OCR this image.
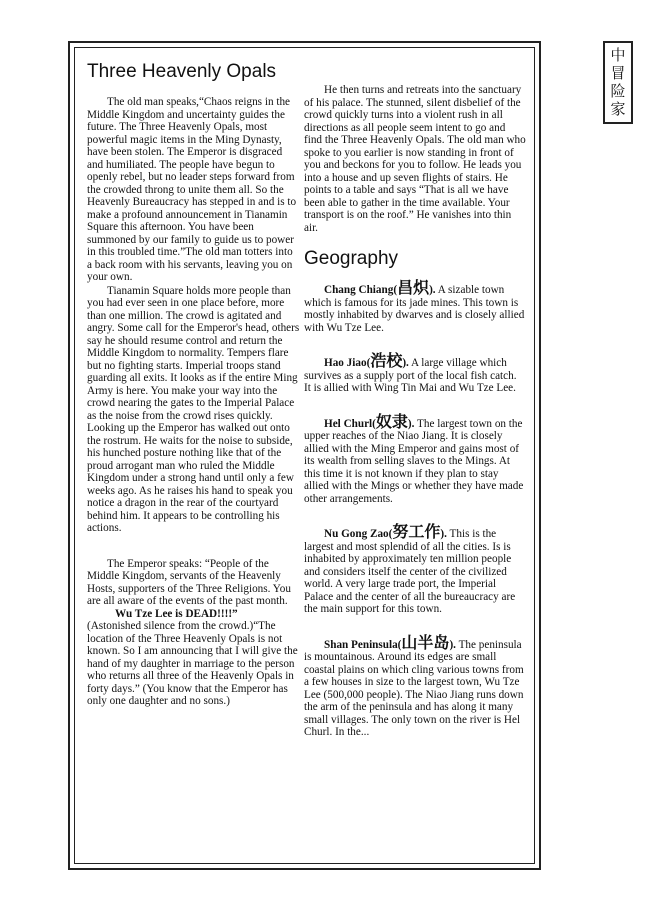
中
冒
险
家
Three Heavenly Opals

The old man speaks,“Chaos reigns in the Middle Kingdom and uncertainty guides the future. The Three Heavenly Opals, most powerful magic items in the Ming Dynasty, have been stolen. The Emperor is disgraced and humiliated. The people have begun to openly rebel, but no leader steps forward from the crowded throng to unite them all. So the Heavenly Bureaucracy has stepped in and is to make a profound announcement in Tianamin Square this afternoon. You have been summoned by our family to guide us to power in this troubled time.”The old man totters into a back room with his servants, leaving you on your own.

Tianamin Square holds more people than you had ever seen in one place before, more than one million. The crowd is agitated and angry. Some call for the Emperor's head, others say he should resume control and return the Middle Kingdom to normality. Tempers flare but no fighting starts. Imperial troops stand guarding all exits. It looks as if the entire Ming Army is here. You make your way into the crowd nearing the gates to the Imperial Palace as the noise from the crowd rises quickly. Looking up the Emperor has walked out onto the rostrum. He waits for the noise to subside, his hunched posture nothing like that of the proud arrogant man who ruled the Middle Kingdom under a strong hand until only a few weeks ago. As he raises his hand to speak you notice a dragon in the rear of the courtyard behind him. It appears to be controlling his actions.

The Emperor speaks: “People of the Middle Kingdom, servants of the Heavenly Hosts, supporters of the Three Religions. You are all aware of the events of the past month.

Wu Tze Lee is DEAD!!!!”
(Astonished silence from the crowd.)“The location of the Three Heavenly Opals is not known. So I am announcing that I will give the hand of my daughter in marriage to the person who returns all three of the Heavenly Opals in forty days.” (You know that the Emperor has only one daughter and no sons.)

He then turns and retreats into the sanctuary of his palace. The stunned, silent disbelief of the crowd quickly turns into a violent rush in all directions as all people seem intent to go and find the Three Heavenly Opals. The old man who spoke to you earlier is now standing in front of you and beckons for you to follow. He leads you into a house and up seven flights of stairs. He points to a table and says “That is all we have been able to gather in the time available. Your transport is on the roof.” He vanishes into thin air.

Geography

Chang Chiang(昌炽). A sizable town which is famous for its jade mines. This town is mostly inhabited by dwarves and is closely allied with Wu Tze Lee.

Hao Jiao(浩校). A large village which survives as a supply port of the local fish catch. It is allied with Wing Tin Mai and Wu Tze Lee.

Hel Churl(奴隶). The largest town on the upper reaches of the Niao Jiang. It is closely allied with the Ming Emperor and gains most of its wealth from selling slaves to the Mings. At this time it is not known if they plan to stay allied with the Mings or whether they have made other arrangements.

Nu Gong Zao(努工作). This is the largest and most splendid of all the cities. Is is inhabited by approximately ten million people and considers itself the center of the civilized world. A very large trade port, the Imperial Palace and the center of all the bureaucracy are the main support for this town.

Shan Peninsula(山半岛). The peninsula is mountainous. Around its edges are small coastal plains on which cling various towns from a few houses in size to the largest town, Wu Tze Lee (500,000 people). The Niao Jiang runs down the arm of the peninsula and has along it many small villages. The only town on the river is Hel Churl. In the...
